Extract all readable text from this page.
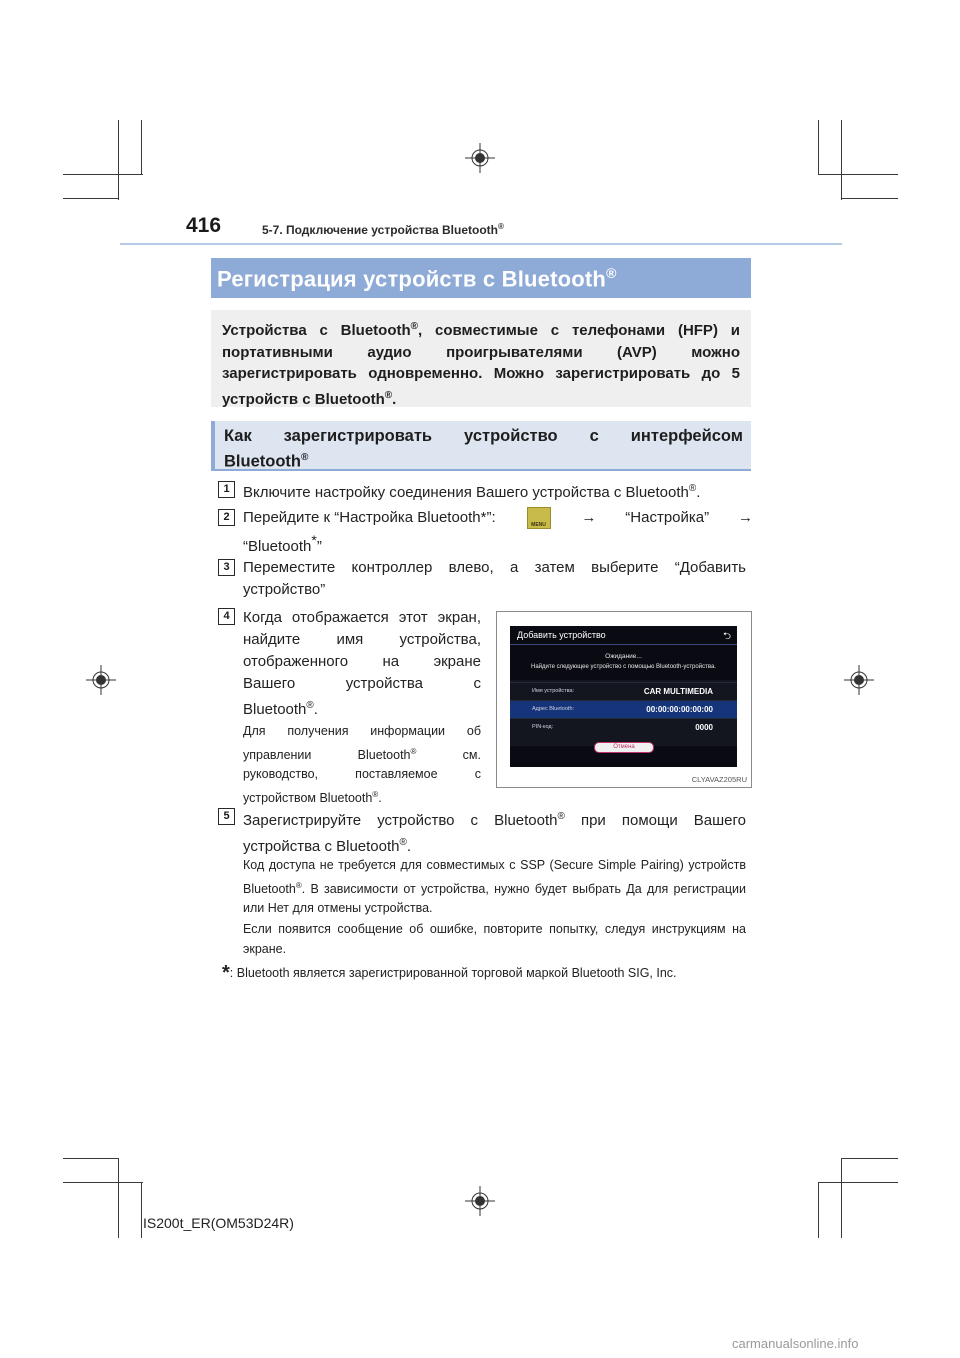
416	5-7. Подключение устройства Bluetooth®
Регистрация устройств с Bluetooth®
Устройства с Bluetooth®, совместимые с телефонами (HFP) и портативными аудио проигрывателями (AVP) можно зарегистрировать одновременно. Можно зарегистрировать до 5 устройств с Bluetooth®.
Как зарегистрировать устройство с интерфейсом
Bluetooth®
1 Включите настройку соединения Вашего устройства с Bluetooth®.
2 Перейдите к “Настройка Bluetooth*”:	MENU → “Настройка” →
“Bluetooth*”
3 Переместите контроллер влево, а затем выберите “Добавить
устройство”
4 Когда отображается этот экран,
найдите имя устройства,
отображенного на экране
Вашего устройства с
Bluetooth®.
Для получения информации об
управлении Bluetooth® см.
руководство, поставляемое с
устройством Bluetooth®.
Добавить устройство	⮌
Ожидание...
Найдите следующее устройство с помощью Bluetooth-устройства.
Имя устройства:	CAR MULTIMEDIA
Адрес Bluetooth:	00:00:00:00:00:00
PIN-код:	0000
Отмена
CLYAVAZ205RU
5 Зарегистрируйте устройство с Bluetooth® при помощи Вашего
устройства с Bluetooth®.
Код доступа не требуется для совместимых с SSP (Secure Simple Pairing) устройств Bluetooth®. В зависимости от устройства, нужно будет выбрать Да для регистрации или Нет для отмены устройства.
Если появится сообщение об ошибке, повторите попытку, следуя инструкциям на экране.
*: Bluetooth является зарегистрированной торговой маркой Bluetooth SIG, Inc.
IS200t_ER(OM53D24R)
carmanualsonline.info
